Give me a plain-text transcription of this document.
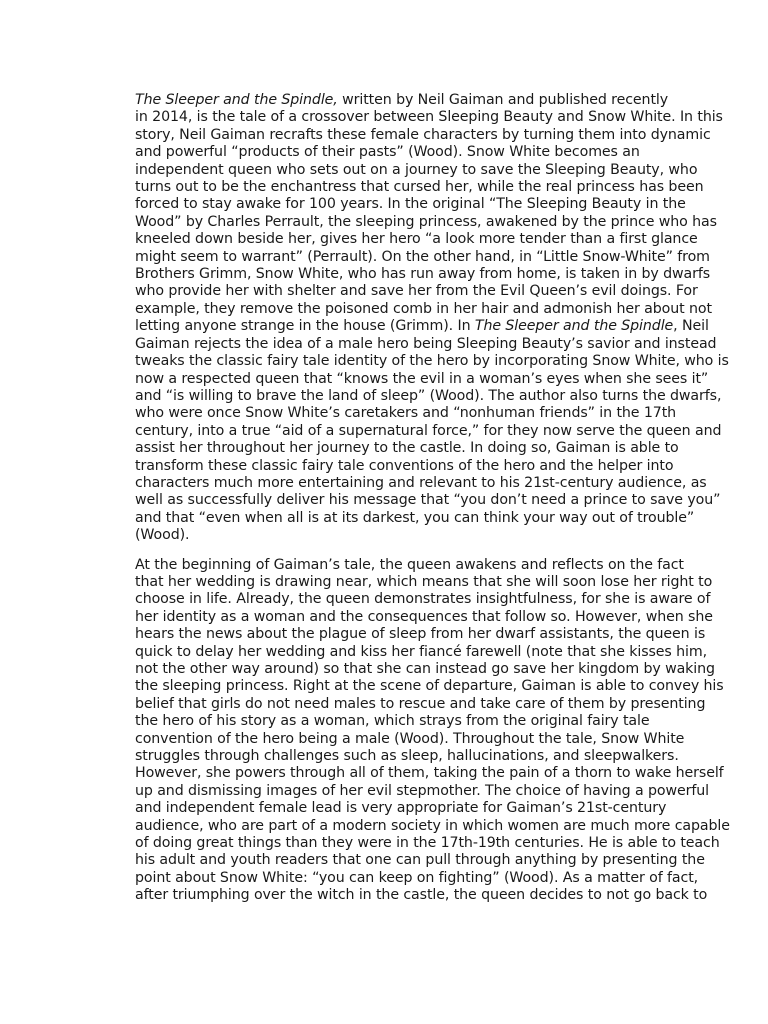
The Sleeper and the Spindle, written by Neil Gaiman and published recently
in 2014, is the tale of a crossover between Sleeping Beauty and Snow White. In this
story, Neil Gaiman recrafts these female characters by turning them into dynamic
and powerful “products of their pasts” (Wood). Snow White becomes an
independent queen who sets out on a journey to save the Sleeping Beauty, who
turns out to be the enchantress that cursed her, while the real princess has been
forced to stay awake for 100 years. In the original “The Sleeping Beauty in the
Wood” by Charles Perrault, the sleeping princess, awakened by the prince who has
kneeled down beside her, gives her hero “a look more tender than a first glance
might seem to warrant” (Perrault). On the other hand, in “Little Snow-White” from
Brothers Grimm, Snow White, who has run away from home, is taken in by dwarfs
who provide her with shelter and save her from the Evil Queen’s evil doings. For
example, they remove the poisoned comb in her hair and admonish her about not
letting anyone strange in the house (Grimm). In The Sleeper and the Spindle, Neil
Gaiman rejects the idea of a male hero being Sleeping Beauty’s savior and instead
tweaks the classic fairy tale identity of the hero by incorporating Snow White, who is
now a respected queen that “knows the evil in a woman’s eyes when she sees it”
and “is willing to brave the land of sleep” (Wood). The author also turns the dwarfs,
who were once Snow White’s caretakers and “nonhuman friends” in the 17th
century, into a true “aid of a supernatural force,” for they now serve the queen and
assist her throughout her journey to the castle. In doing so, Gaiman is able to
transform these classic fairy tale conventions of the hero and the helper into
characters much more entertaining and relevant to his 21st-century audience, as
well as successfully deliver his message that “you don’t need a prince to save you”
and that “even when all is at its darkest, you can think your way out of trouble”
(Wood).
At the beginning of Gaiman’s tale, the queen awakens and reflects on the fact
that her wedding is drawing near, which means that she will soon lose her right to
choose in life. Already, the queen demonstrates insightfulness, for she is aware of
her identity as a woman and the consequences that follow so. However, when she
hears the news about the plague of sleep from her dwarf assistants, the queen is
quick to delay her wedding and kiss her fiancé farewell (note that she kisses him,
not the other way around) so that she can instead go save her kingdom by waking
the sleeping princess. Right at the scene of departure, Gaiman is able to convey his
belief that girls do not need males to rescue and take care of them by presenting
the hero of his story as a woman, which strays from the original fairy tale
convention of the hero being a male (Wood). Throughout the tale, Snow White
struggles through challenges such as sleep, hallucinations, and sleepwalkers.
However, she powers through all of them, taking the pain of a thorn to wake herself
up and dismissing images of her evil stepmother. The choice of having a powerful
and independent female lead is very appropriate for Gaiman’s 21st-century
audience, who are part of a modern society in which women are much more capable
of doing great things than they were in the 17th-19th centuries. He is able to teach
his adult and youth readers that one can pull through anything by presenting the
point about Snow White: “you can keep on fighting” (Wood). As a matter of fact,
after triumphing over the witch in the castle, the queen decides to not go back to
